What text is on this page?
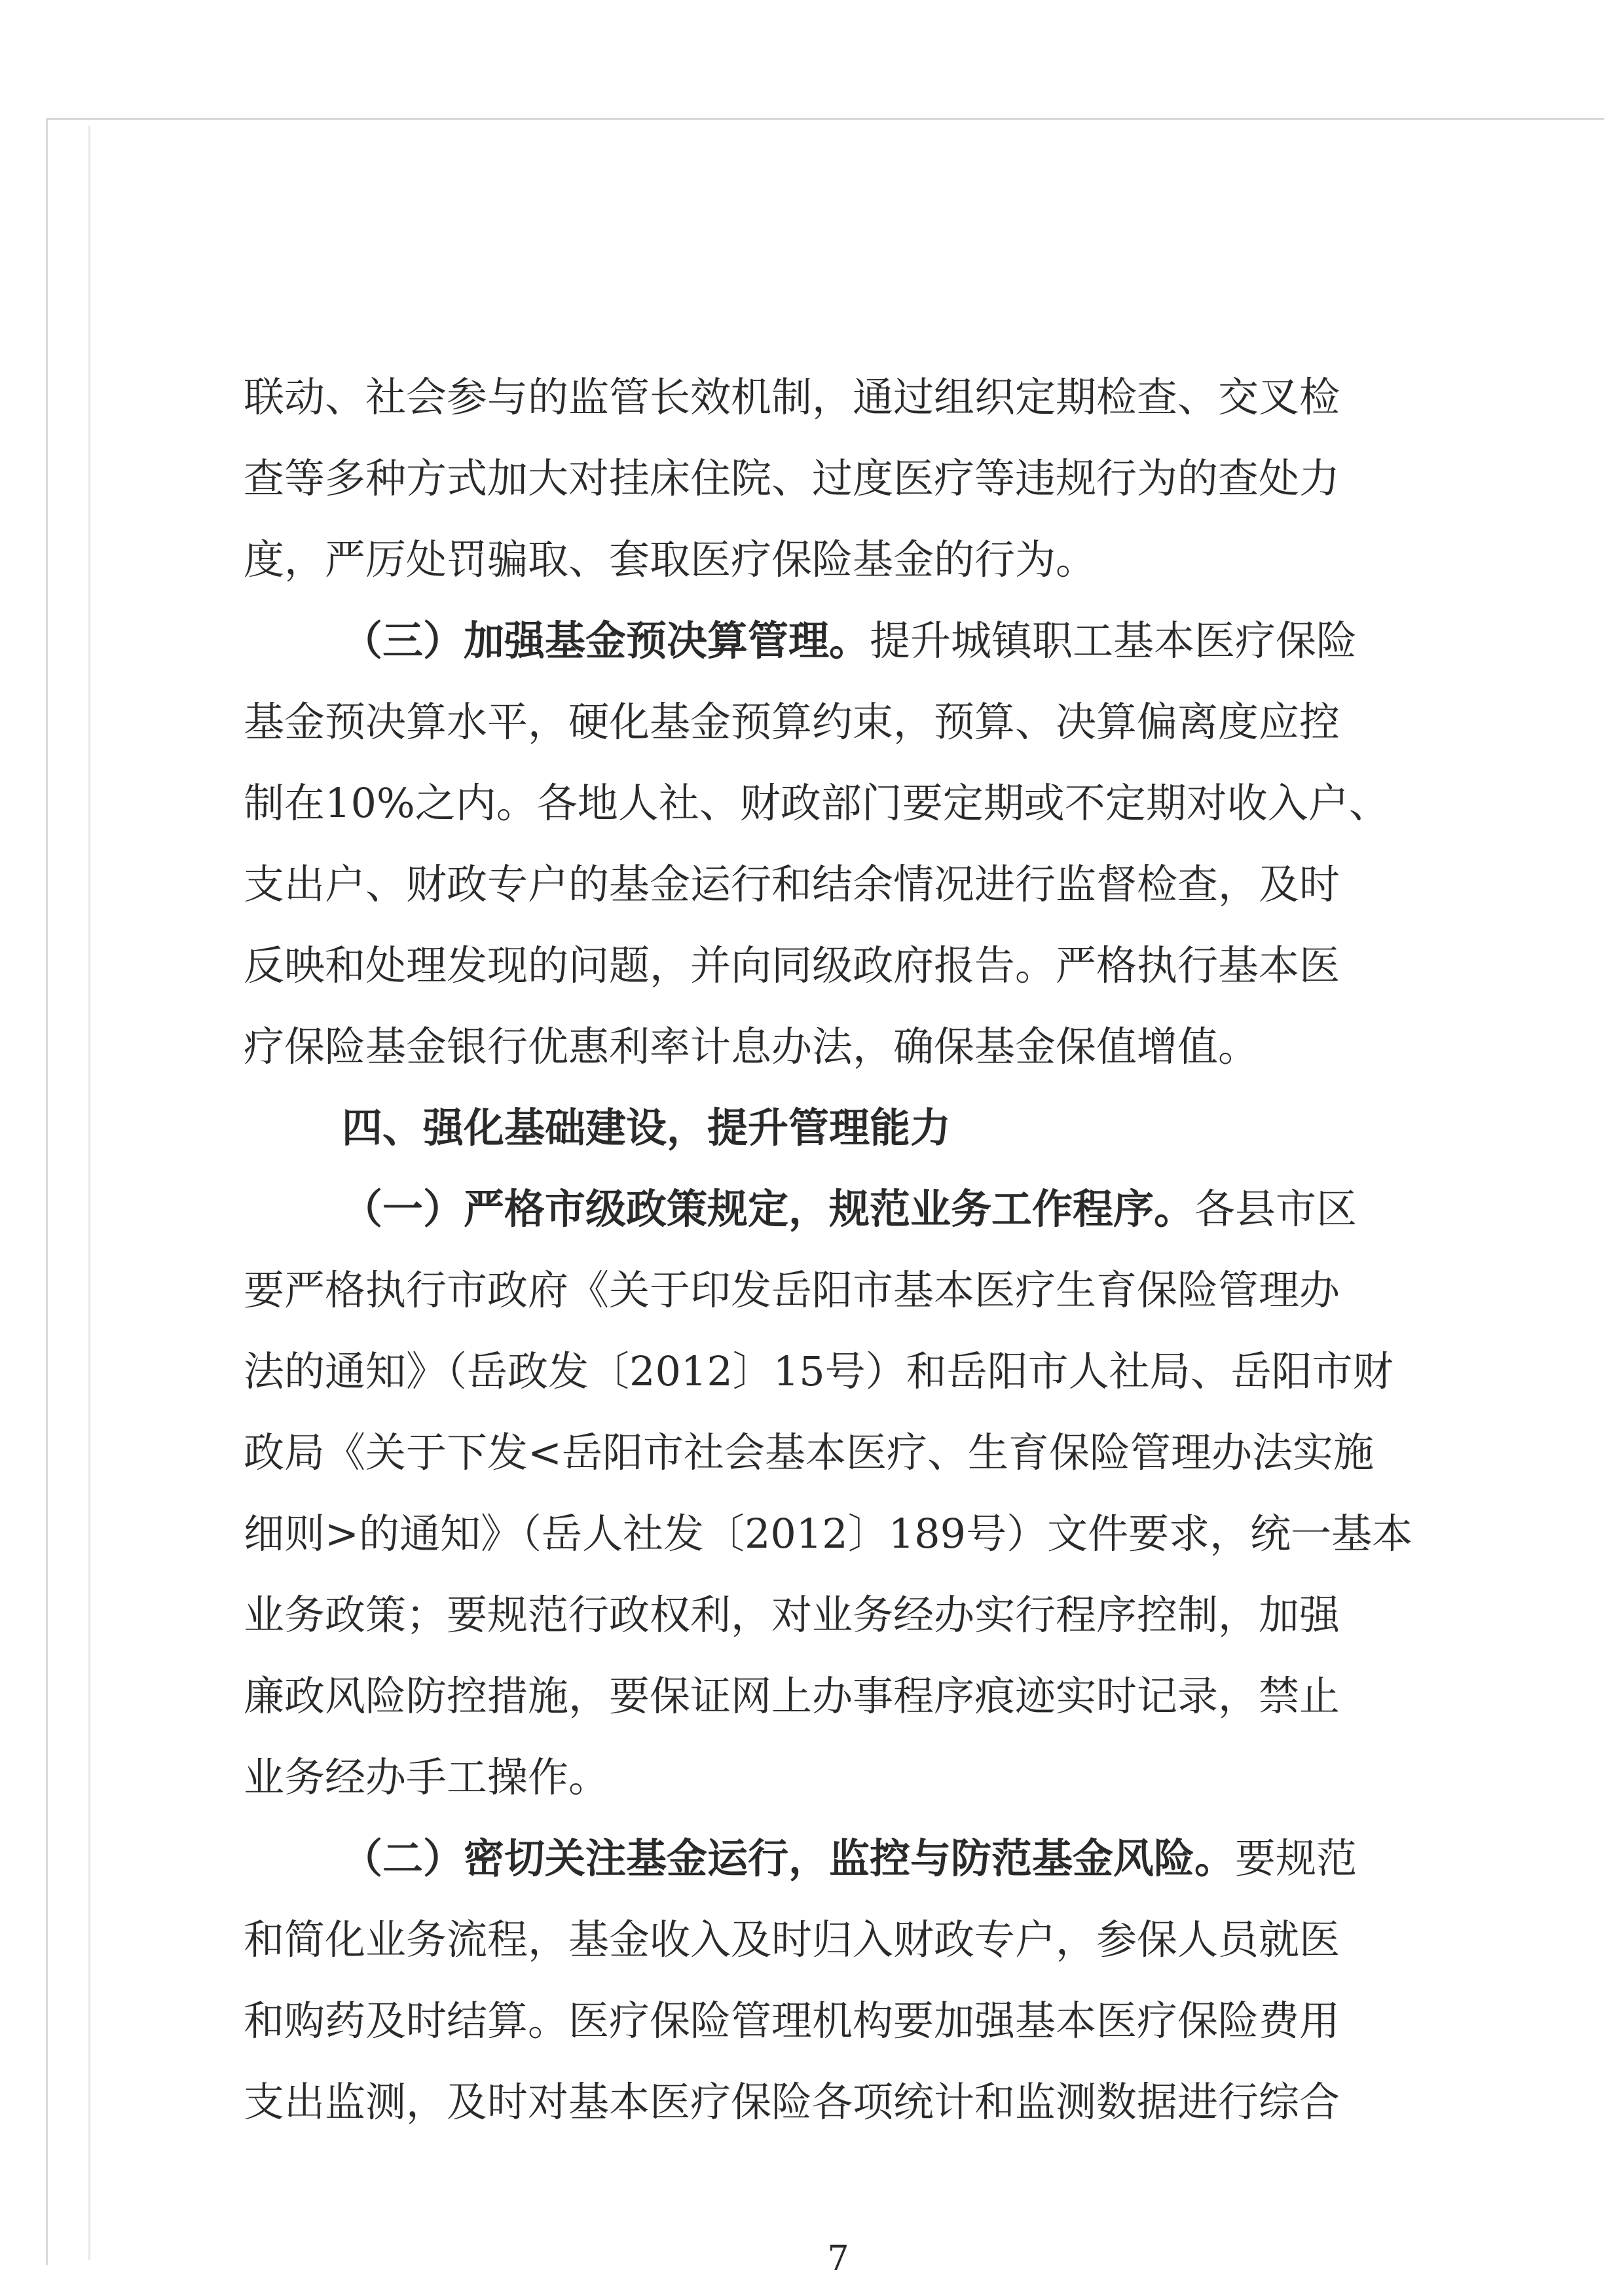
联动、社会参与的监管长效机制，通过组织定期检查、交叉检
查等多种方式加大对挂床住院、过度医疗等违规行为的查处力
度，严厉处罚骗取、套取医疗保险基金的行为。
（三）加强基金预决算管理。提升城镇职工基本医疗保险
基金预决算水平，硬化基金预算约束，预算、决算偏离度应控
制在10%之内。各地人社、财政部门要定期或不定期对收入户、
支出户、财政专户的基金运行和结余情况进行监督检查，及时
反映和处理发现的问题，并向同级政府报告。严格执行基本医
疗保险基金银行优惠利率计息办法，确保基金保值增值。
四、强化基础建设，提升管理能力
（一）严格市级政策规定，规范业务工作程序。各县市区
要严格执行市政府《关于印发岳阳市基本医疗生育保险管理办
法的通知》（岳政发〔2012〕15号）和岳阳市人社局、岳阳市财
政局《关于下发<岳阳市社会基本医疗、生育保险管理办法实施
细则>的通知》（岳人社发〔2012〕189号）文件要求，统一基本
业务政策；要规范行政权利，对业务经办实行程序控制，加强
廉政风险防控措施，要保证网上办事程序痕迹实时记录，禁止
业务经办手工操作。
（二）密切关注基金运行，监控与防范基金风险。要规范
和简化业务流程，基金收入及时归入财政专户，参保人员就医
和购药及时结算。医疗保险管理机构要加强基本医疗保险费用
支出监测，及时对基本医疗保险各项统计和监测数据进行综合
7
